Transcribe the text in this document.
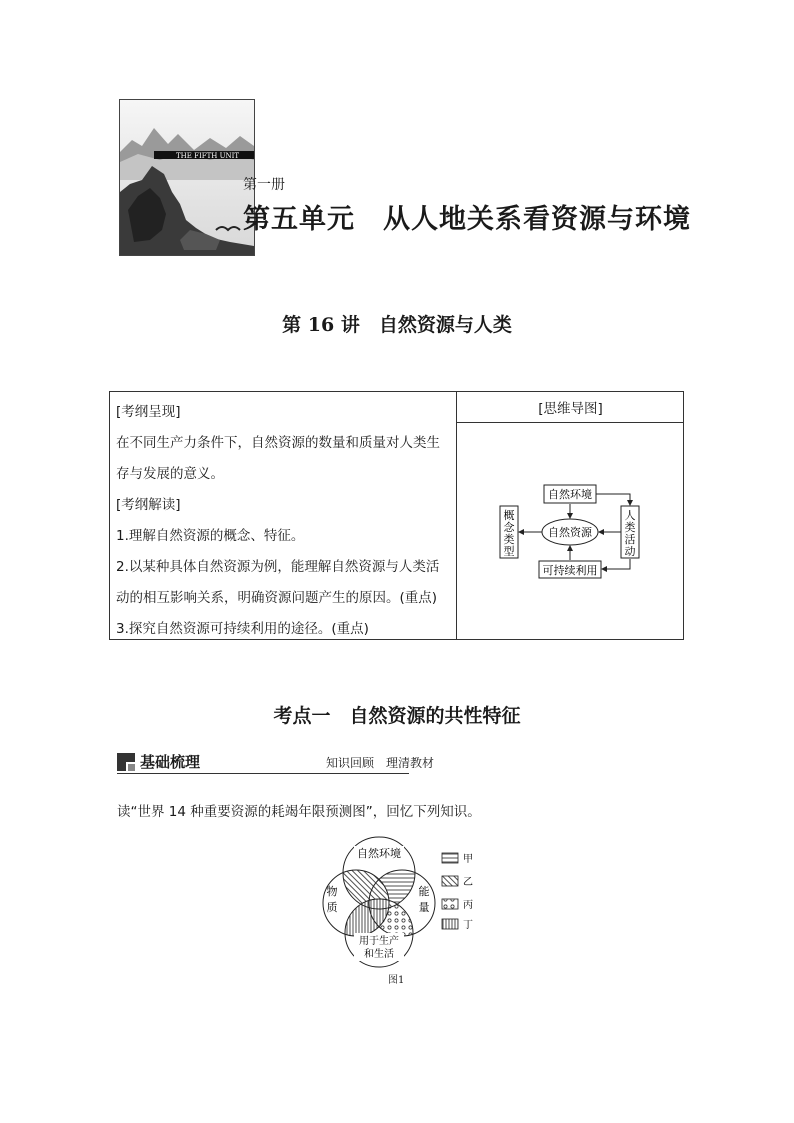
THE FIFTH UNIT
第一册
第五单元　从人地关系看资源与环境
第 16 讲　自然资源与人类
[考纲呈现]
在不同生产力条件下，自然资源的数量和质量对人类生
存与发展的意义。
[考纲解读]
1.理解自然资源的概念、特征。
2.以某种具体自然资源为例，能理解自然资源与人类活
动的相互影响关系，明确资源问题产生的原因。(重点)
3.探究自然资源可持续利用的途径。(重点)
[思维导图]
自然环境
自然资源
可持续利用
概念类型
人类活动
考点一　自然资源的共性特征
基础梳理	知识回顾　理清教材
读“世界 14 种重要资源的耗竭年限预测图”，回忆下列知识。
自然环境
物质
能量
用于生产
和生活
甲
乙
丙
丁
图1
